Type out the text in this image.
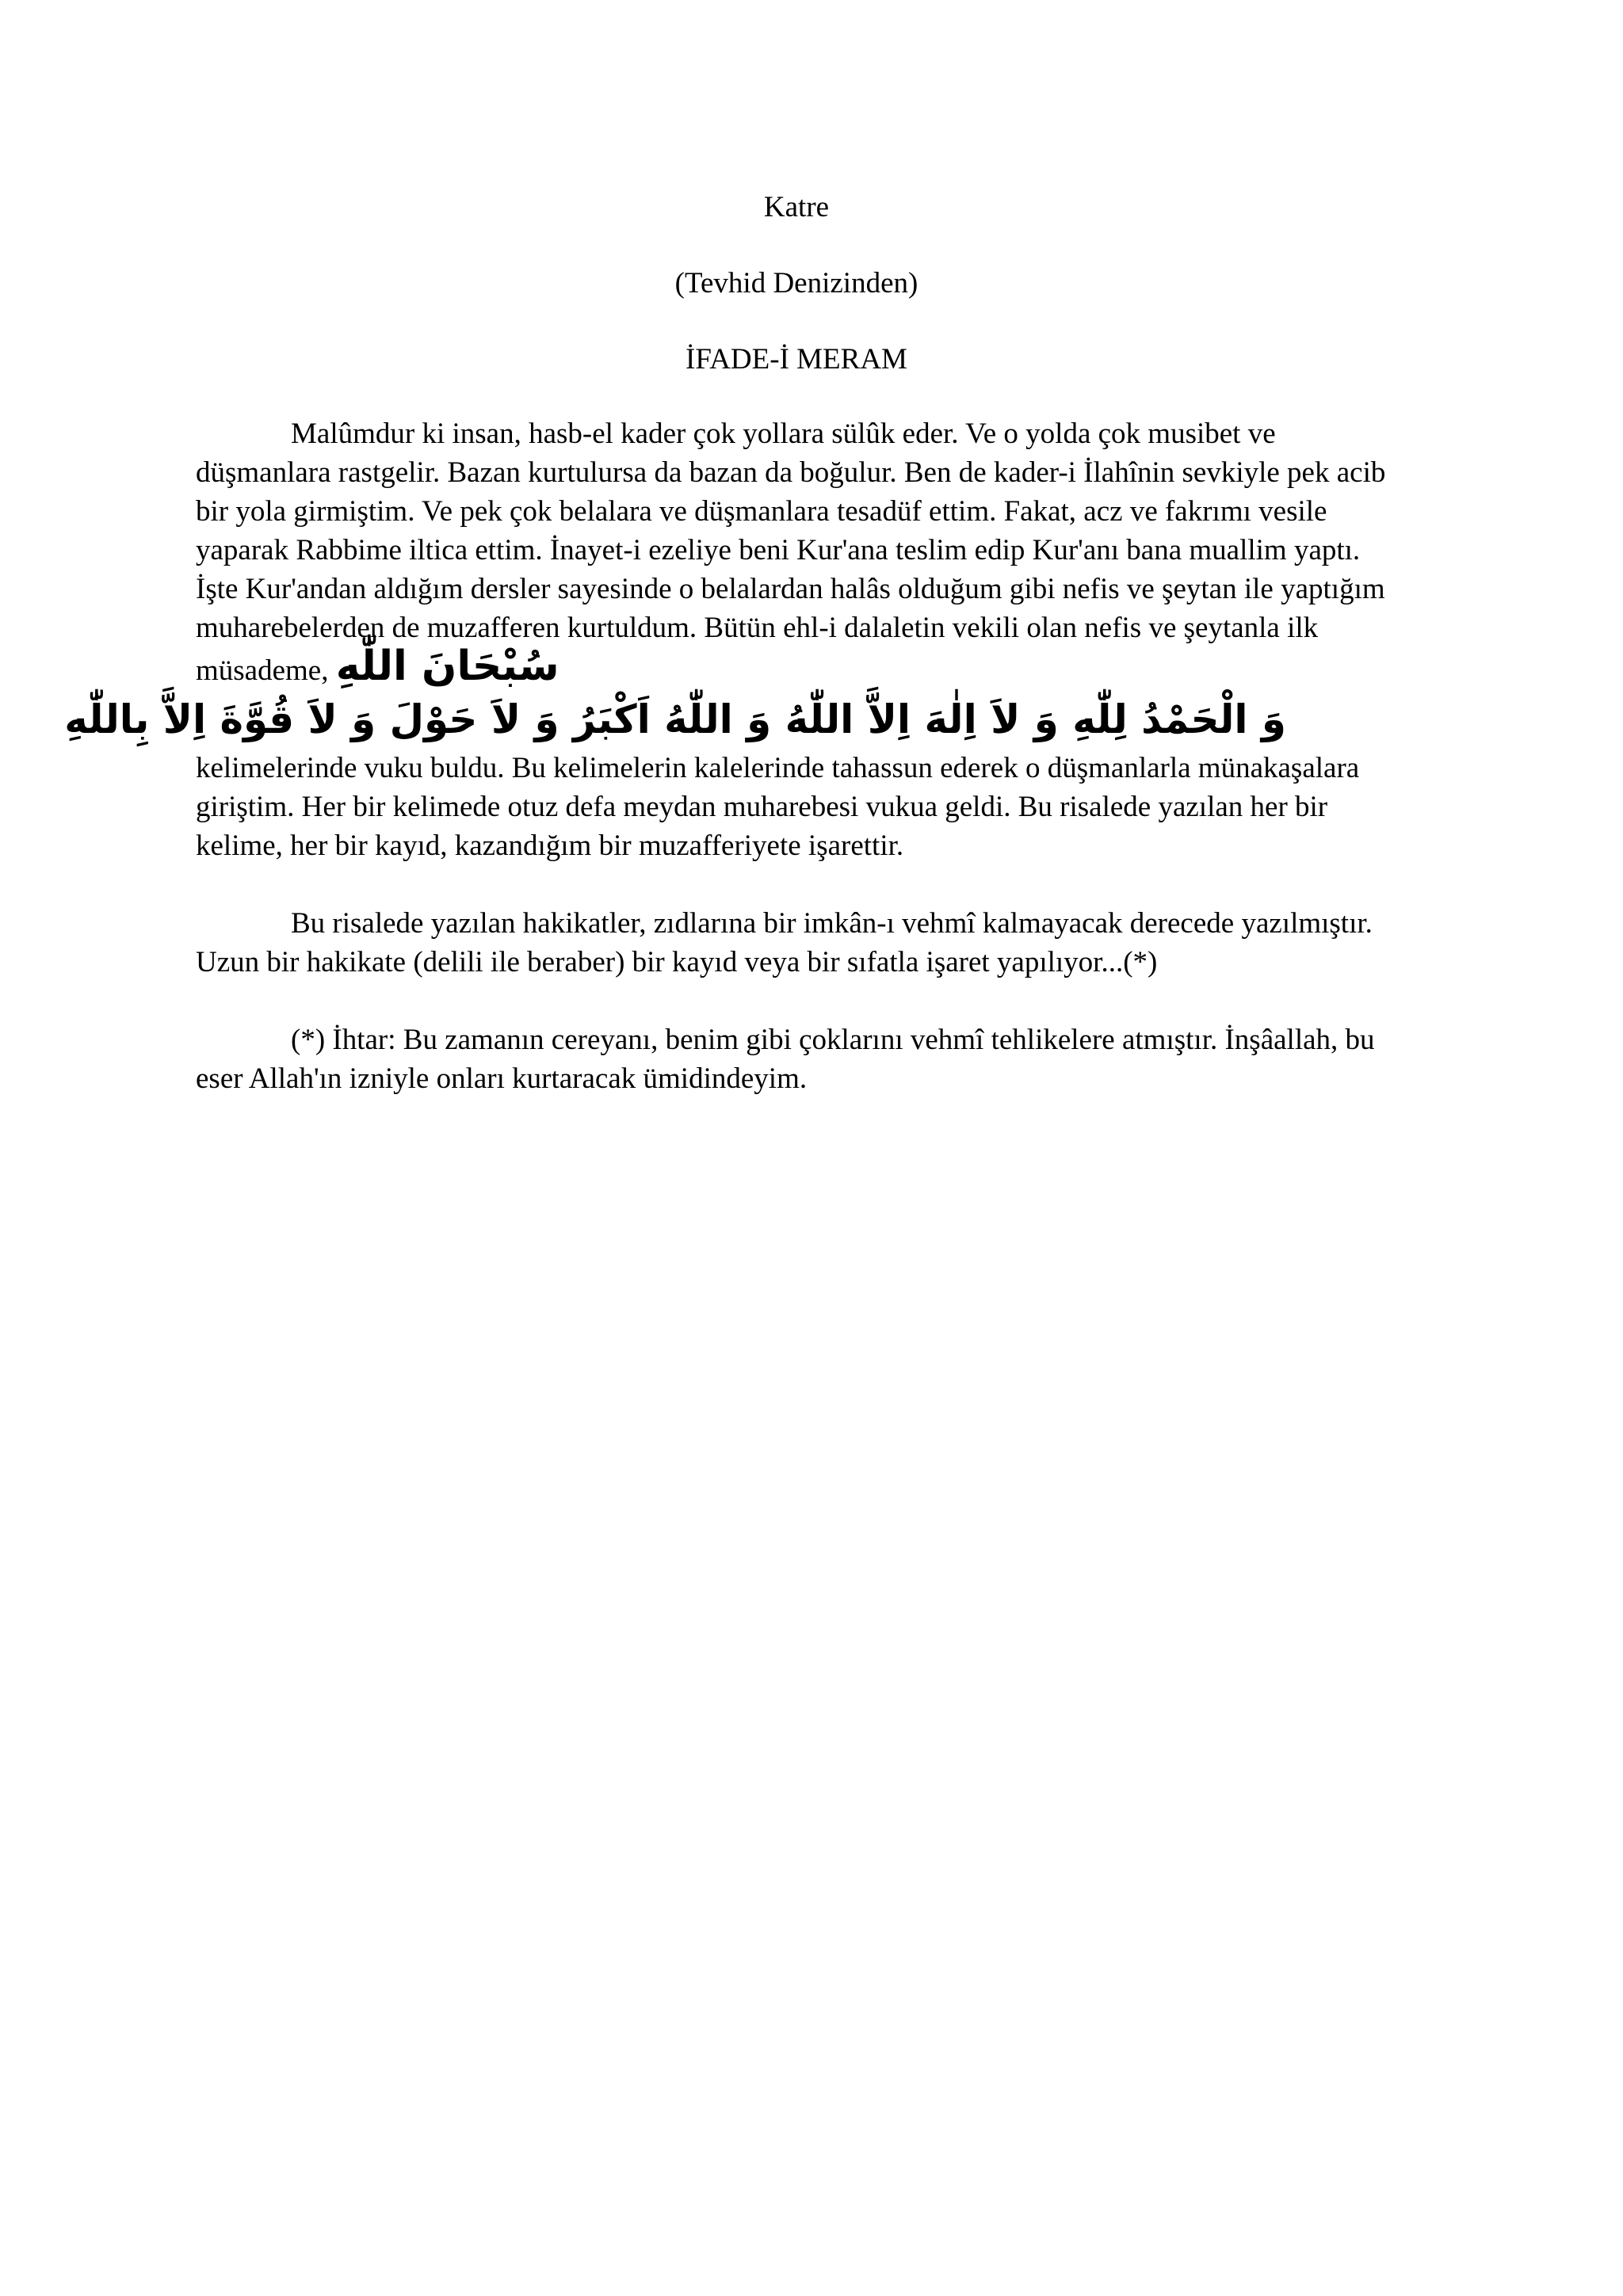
Katre
(Tevhid Denizinden)
İFADE-İ MERAM

Malûmdur ki insan, hasb-el kader çok yollara sülûk eder. Ve o yolda çok musibet ve düşmanlara rastgelir. Bazan kurtulursa da bazan da boğulur. Ben de kader-i İlahînin sevkiyle pek acib bir yola girmiştim. Ve pek çok belalara ve düşmanlara tesadüf ettim. Fakat, acz ve fakrımı vesile yaparak Rabbime iltica ettim. İnayet-i ezeliye beni Kur'ana teslim edip Kur'anı bana muallim yaptı. İşte Kur'andan aldığım dersler sayesinde o belalardan halâs olduğum gibi nefis ve şeytan ile yaptığım muharebelerden de muzafferen kurtuldum. Bütün ehl-i dalaletin vekili olan nefis ve şeytanla ilk müsademe, سُبْحَانَ اللّٰهِ
وَ الْحَمْدُ لِلّٰهِ وَ لاَ اِلٰهَ اِلاَّ اللّٰهُ وَ اللّٰهُ اَكْبَرُ وَ لاَ حَوْلَ وَ لاَ قُوَّةَ اِلاَّ بِاللّٰهِ
kelimelerinde vuku buldu. Bu kelimelerin kalelerinde tahassun ederek o düşmanlarla münakaşalara giriştim. Her bir kelimede otuz defa meydan muharebesi vukua geldi. Bu risalede yazılan her bir kelime, her bir kayıd, kazandığım bir muzafferiyete işarettir.

Bu risalede yazılan hakikatler, zıdlarına bir imkân-ı vehmî kalmayacak derecede yazılmıştır. Uzun bir hakikate (delili ile beraber) bir kayıd veya bir sıfatla işaret yapılıyor...(*)

(*) İhtar: Bu zamanın cereyanı, benim gibi çoklarını vehmî tehlikelere atmıştır. İnşâallah, bu eser Allah'ın izniyle onları kurtaracak ümidindeyim.
